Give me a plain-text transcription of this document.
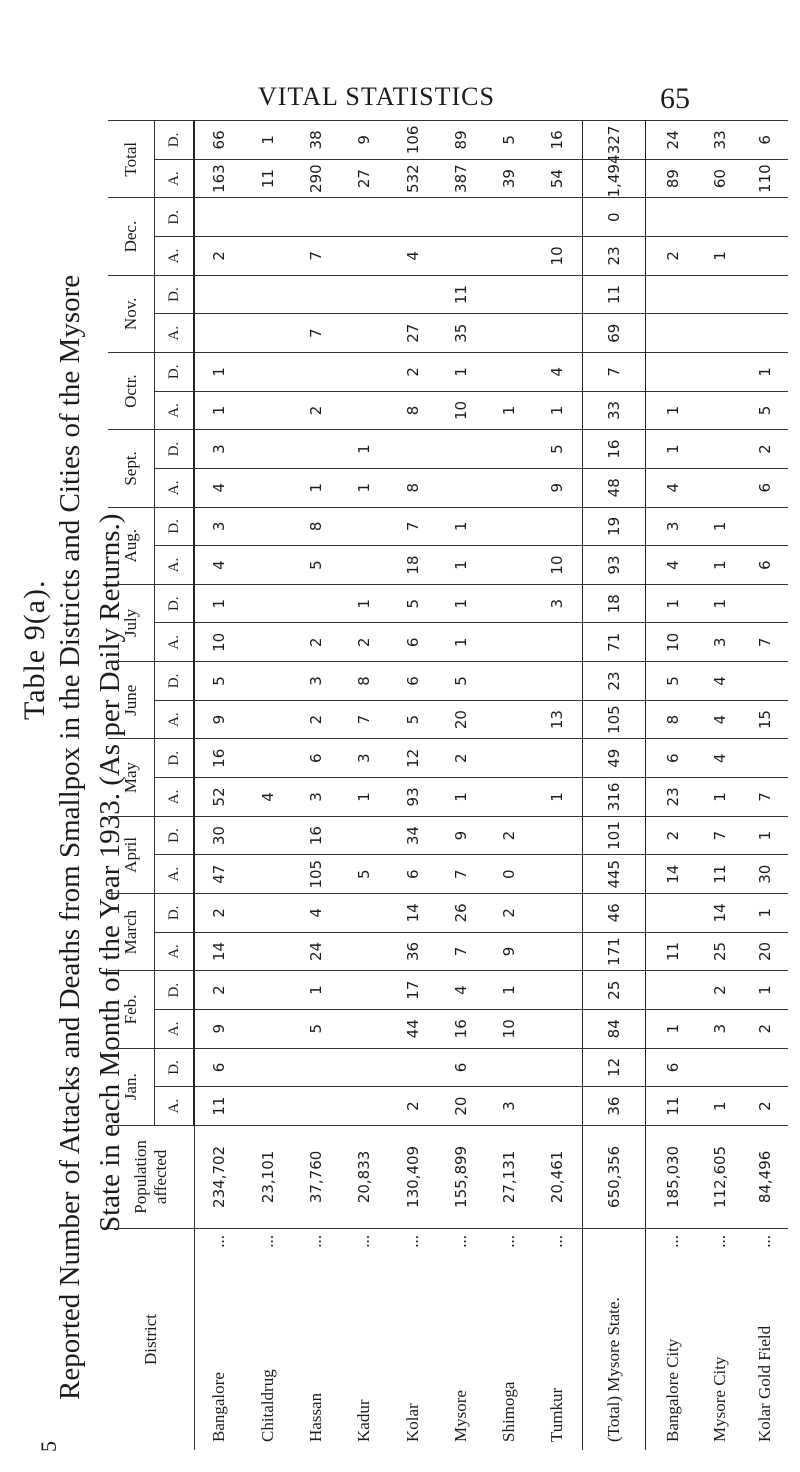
VITAL STATISTICS	65
Table 9(a). Reported Number of Attacks and Deaths from Smallpox in the Districts and Cities of the Mysore State in each Month of the Year 1933. (As per Daily Returns.)
District	Population affected	Jan.		Feb.		March		April		May		June		July		Aug.		Sept.		Octr.		Nov.		Dec.		Total	
		A.	D.	A.	D.	A.	D.	A.	D.	A.	D.	A.	D.	A.	D.	A.	D.	A.	D.	A.	D.	A.	D.	A.	D.	A.	D.
Bangalore
...	234,702	11	6	9	2	14	2	47	30	52	16	9	5	10	1	4	3	4	3	1	1			2		163	66
Chitaldrug
...	23,101									4																11	1
Hassan
...	37,760			5	1	24	4	105	16	3	6	2	3	2		5	8	1		2		7		7		290	38
Kadur
...	20,833							5		1	3	7	8	2	1			1	1							27	9
Kolar
...	130,409	2		44	17	36	14	6	34	93	12	5	6	6	5	18	7	8		8	2	27		4		532	106
Mysore
...	155,899	20	6	16	4	7	26	7	9	1	2	20	5	1	1	1	1			10	1	35	11			387	89
Shimoga
...	27,131	3		10	1	9	2	0	2											1						39	5
Tumkur
...	20,461									1		13			3	10		9	5	1	4			10		54	16
(Total) Mysore State.	650,356	36	12	84	25	171	46	445	101	316	49	105	23	71	18	93	19	48	16	33	7	69	11	23	0	1,494	327
Bangalore City
...	185,030	11	6	1		11		14	2	23	6	8	5	10	1	4	3	4	1	1				2		89	24
Mysore City
...	112,605	1		3	2	25	14	11	7	1	4	4	4	3	1	1	1							1		60	33
Kolar Gold Field
...	84,496	2		2	1	20	1	30	1	7		15		7		6		6	2	5	1					110	6
5
